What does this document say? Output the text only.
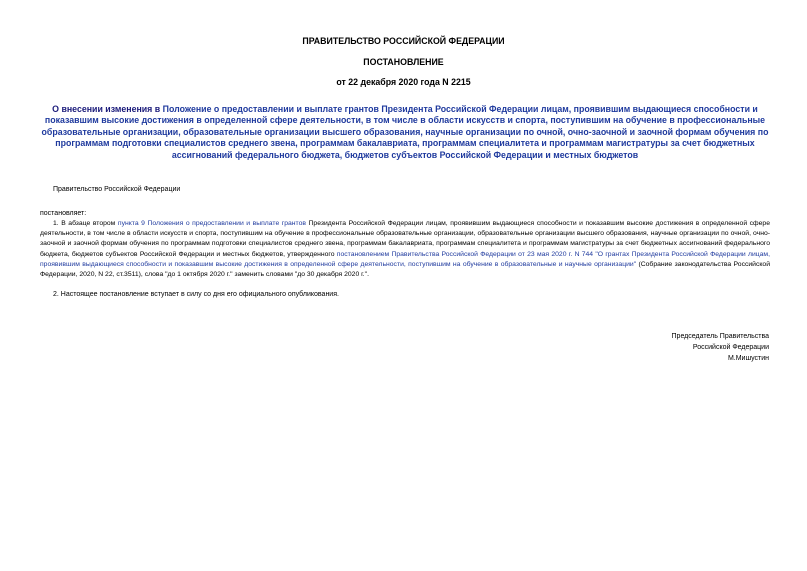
ПРАВИТЕЛЬСТВО РОССИЙСКОЙ ФЕДЕРАЦИИ
ПОСТАНОВЛЕНИЕ
от 22 декабря 2020 года N 2215
О внесении изменения в Положение о предоставлении и выплате грантов Президента Российской Федерации лицам, проявившим выдающиеся способности и показавшим высокие достижения в определенной сфере деятельности, в том числе в области искусств и спорта, поступившим на обучение в профессиональные образовательные организации, образовательные организации высшего образования, научные организации по очной, очно-заочной и заочной формам обучения по программам подготовки специалистов среднего звена, программам бакалавриата, программам специалитета и программам магистратуры за счет бюджетных ассигнований федерального бюджета, бюджетов субъектов Российской Федерации и местных бюджетов
Правительство Российской Федерации
постановляет:
1. В абзаце втором пункта 9 Положения о предоставлении и выплате грантов Президента Российской Федерации лицам, проявившим выдающиеся способности и показавшим высокие достижения в определенной сфере деятельности, в том числе в области искусств и спорта, поступившим на обучение в профессиональные образовательные организации, образовательные организации высшего образования, научные организации по очной, очно-заочной и заочной формам обучения по программам подготовки специалистов среднего звена, программам бакалавриата, программам специалитета и программам магистратуры за счет бюджетных ассигнований федерального бюджета, бюджетов субъектов Российской Федерации и местных бюджетов, утвержденного постановлением Правительства Российской Федерации от 23 мая 2020 г. N 744 "О грантах Президента Российской Федерации лицам, проявившим выдающиеся способности и показавшим высокие достижения в определенной сфере деятельности, поступившим на обучение в образовательные и научные организации" (Собрание законодательства Российской Федерации, 2020, N 22, ст.3511), слова "до 1 октября 2020 г." заменить словами "до 30 декабря 2020 г.".
2. Настоящее постановление вступает в силу со дня его официального опубликования.
Председатель Правительства
Российской Федерации
М.Мишустин
